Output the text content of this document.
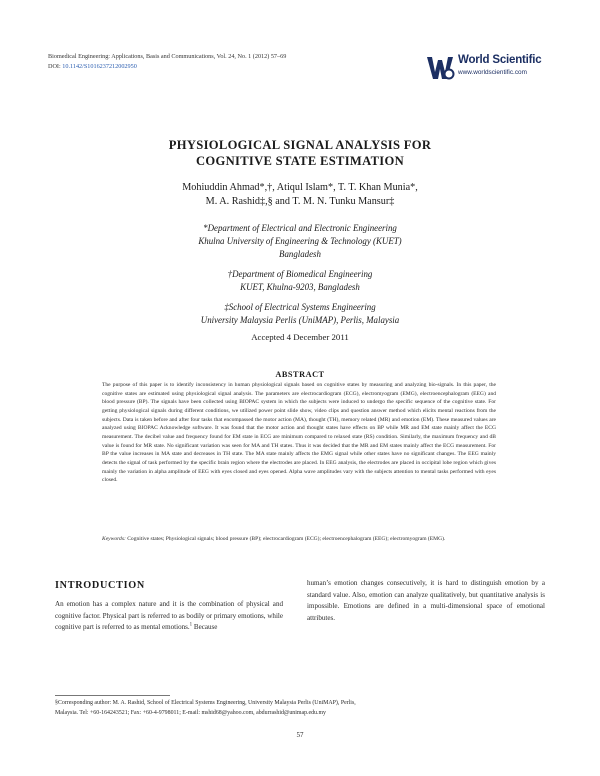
Biomedical Engineering: Applications, Basis and Communications, Vol. 24, No. 1 (2012) 57–69
DOI: 10.1142/S1016237212002950
World Scientific
www.worldscientific.com
PHYSIOLOGICAL SIGNAL ANALYSIS FOR
COGNITIVE STATE ESTIMATION
Mohiuddin Ahmad*,†, Atiqul Islam*, T. T. Khan Munia*,
M. A. Rashid‡,§ and T. M. N. Tunku Mansur‡
*Department of Electrical and Electronic Engineering
Khulna University of Engineering & Technology (KUET)
Bangladesh
†Department of Biomedical Engineering
KUET, Khulna-9203, Bangladesh
‡School of Electrical Systems Engineering
University Malaysia Perlis (UniMAP), Perlis, Malaysia
Accepted 4 December 2011
ABSTRACT
The purpose of this paper is to identify inconsistency in human physiological signals based on cognitive states by measuring and analyzing bio-signals. In this paper, the cognitive states are estimated using physiological signal analysis. The parameters are electrocardiogram (ECG), electromyogram (EMG), electroencephalogram (EEG) and blood pressure (BP). The signals have been collected using BIOPAC system in which the subjects were induced to undergo the specific sequence of the cognitive state. For getting physiological signals during different conditions, we utilized power point slide show, video clips and question answer method which elicits mental reactions from the subjects. Data is taken before and after four tasks that encompassed the motor action (MA), thought (TH), memory related (MR) and emotion (EM). These measured values are analyzed using BIOPAC Acknowledge software. It was found that the motor action and thought states have effects on BP while MR and EM state mainly affect the ECG measurement. The decibel value and frequency found for EM state in ECG are minimum compared to relaxed state (RS) condition. Similarly, the maximum frequency and dB value is found for MR state. No significant variation was seen for MA and TH states. Thus it was decided that the MR and EM states mainly affect the ECG measurement. For BP the value increases in MA state and decreases in TH state. The MA state mainly affects the EMG signal while other states have no significant changes. The EEG mainly detects the signal of task performed by the specific brain region where the electrodes are placed. In EEG analysis, the electrodes are placed in occipital lobe region which gives mainly the variation in alpha amplitude of EEG with eyes closed and eyes opened. Alpha wave amplitudes vary with the subjects attention to mental tasks performed with eyes closed.
Keywords: Cognitive states; Physiological signals; blood pressure (BP); electrocardiogram (ECG); electroencephalogram (EEG); electromyogram (EMG).
INTRODUCTION
An emotion has a complex nature and it is the combination of physical and cognitive factor. Physical part is referred to as bodily or primary emotions, while cognitive part is referred to as mental emotions.$^1$ Because
human’s emotion changes consecutively, it is hard to distinguish emotion by a standard value. Also, emotion can analyze qualitatively, but quantitative analysis is impossible. Emotions are defined in a multi-dimensional space of emotional attributes.
§Corresponding author: M. A. Rashid, School of Electrical Systems Engineering, University Malaysia Perlis (UniMAP), Perlis,
Malaysia. Tel: +60-164243521; Fax: +60-4-9798011; E-mail: mshid68@yahoo.com, abdurrashid@unimap.edu.my
57
